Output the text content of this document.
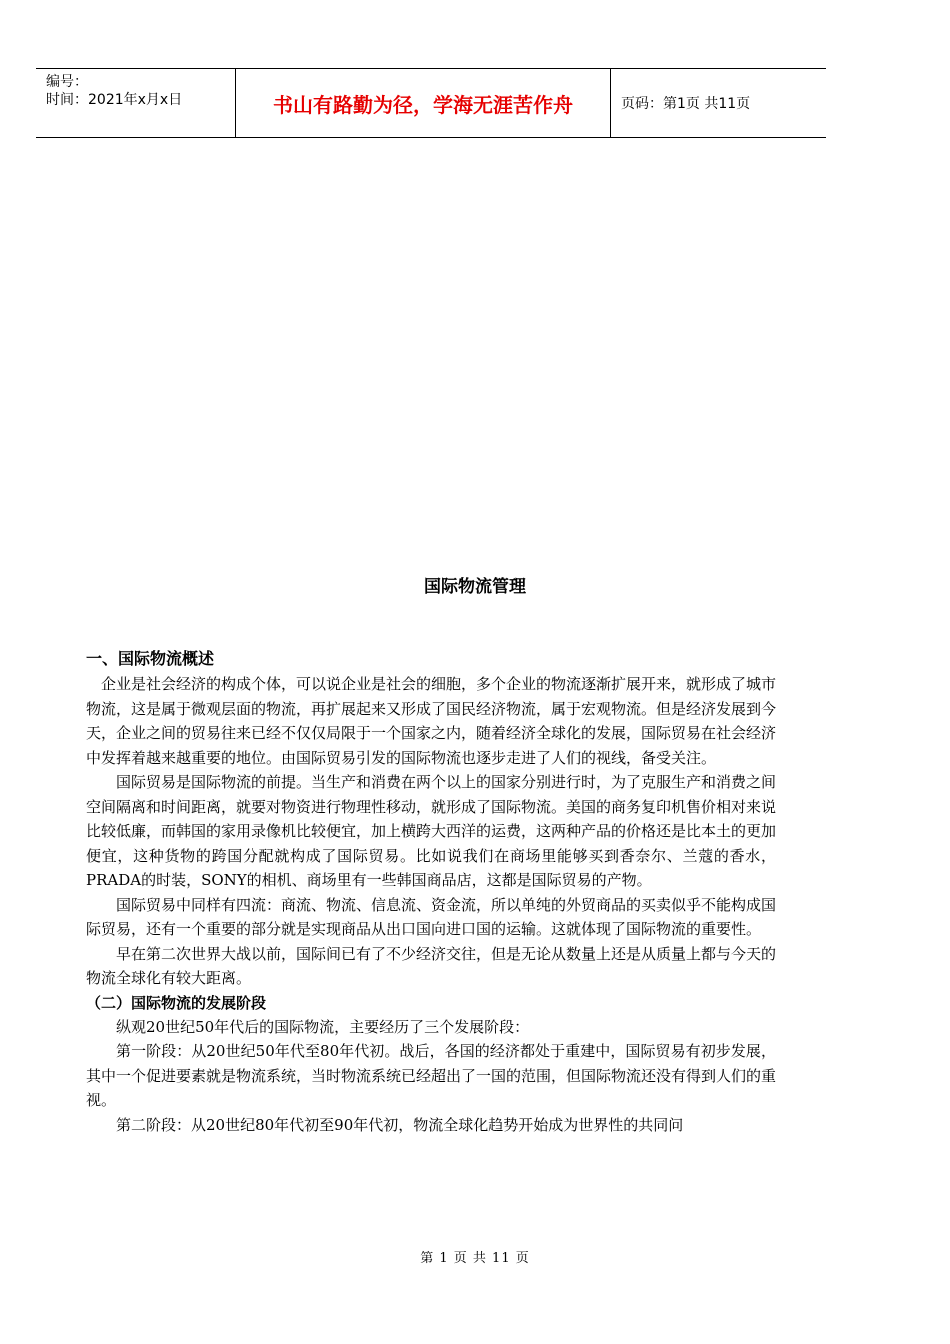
编号：
时间：2021年x月x日	书山有路勤为径，学海无涯苦作舟	页码：第1页 共11页
国际物流管理
一、国际物流概述

企业是社会经济的构成个体，可以说企业是社会的细胞，多个企业的物流逐渐扩展开来，就形成了城市物流，这是属于微观层面的物流，再扩展起来又形成了国民经济物流，属于宏观物流。但是经济发展到今天，企业之间的贸易往来已经不仅仅局限于一个国家之内，随着经济全球化的发展，国际贸易在社会经济中发挥着越来越重要的地位。由国际贸易引发的国际物流也逐步走进了人们的视线，备受关注。

国际贸易是国际物流的前提。当生产和消费在两个以上的国家分别进行时，为了克服生产和消费之间空间隔离和时间距离，就要对物资进行物理性移动，就形成了国际物流。美国的商务复印机售价相对来说比较低廉，而韩国的家用录像机比较便宜，加上横跨大西洋的运费，这两种产品的价格还是比本土的更加便宜，这种货物的跨国分配就构成了国际贸易。比如说我们在商场里能够买到香奈尔、兰蔻的香水，PRADA的时装，SONY的相机、商场里有一些韩国商品店，这都是国际贸易的产物。

国际贸易中同样有四流：商流、物流、信息流、资金流，所以单纯的外贸商品的买卖似乎不能构成国际贸易，还有一个重要的部分就是实现商品从出口国向进口国的运输。这就体现了国际物流的重要性。

早在第二次世界大战以前，国际间已有了不少经济交往，但是无论从数量上还是从质量上都与今天的物流全球化有较大距离。

（二）国际物流的发展阶段

纵观20世纪50年代后的国际物流，主要经历了三个发展阶段：

第一阶段：从20世纪50年代至80年代初。战后，各国的经济都处于重建中，国际贸易有初步发展，其中一个促进要素就是物流系统，当时物流系统已经超出了一国的范围，但国际物流还没有得到人们的重视。

第二阶段：从20世纪80年代初至90年代初，物流全球化趋势开始成为世界性的共同问

第 1 页 共 11 页
